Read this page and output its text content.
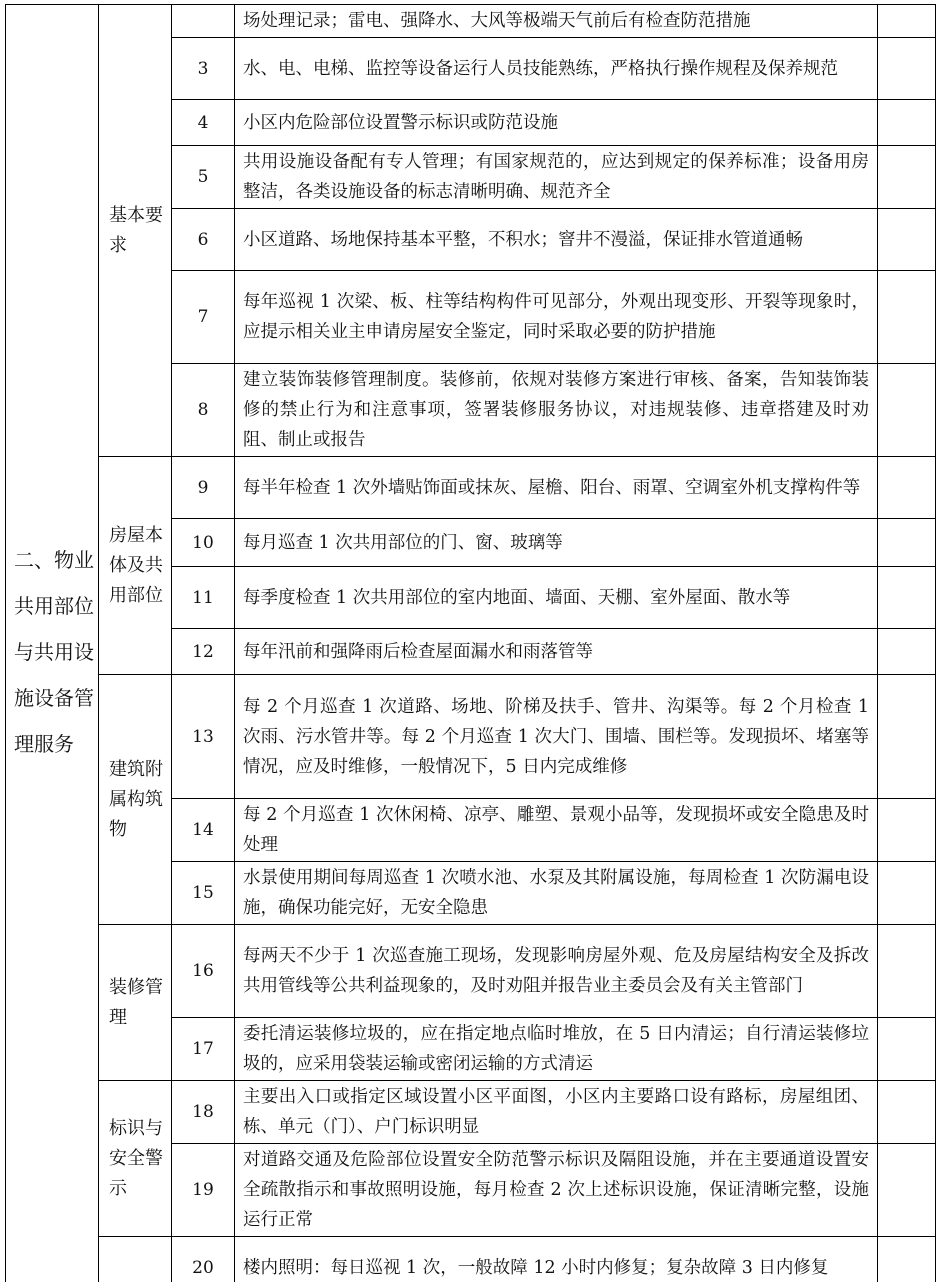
二、物业共用部位与共用设施设备管理服务	基本要求		场处理记录；雷电、强降水、大风等极端天气前后有检查防范措施	
		3	水、电、电梯、监控等设备运行人员技能熟练，严格执行操作规程及保养规范	
		4	小区内危险部位设置警示标识或防范设施	
		5	共用设施设备配有专人管理；有国家规范的，应达到规定的保养标准；设备用房整洁，各类设施设备的标志清晰明确、规范齐全	
		6	小区道路、场地保持基本平整，不积水；窨井不漫溢，保证排水管道通畅	
		7	每年巡视 1 次梁、板、柱等结构构件可见部分，外观出现变形、开裂等现象时，应提示相关业主申请房屋安全鉴定，同时采取必要的防护措施	
		8	建立装饰装修管理制度。装修前，依规对装修方案进行审核、备案，告知装饰装修的禁止行为和注意事项，签署装修服务协议，对违规装修、违章搭建及时劝阻、制止或报告	

	房屋本体及共用部位	9	每半年检查 1 次外墙贴饰面或抹灰、屋檐、阳台、雨罩、空调室外机支撑构件等	
		10	每月巡查 1 次共用部位的门、窗、玻璃等	
		11	每季度检查 1 次共用部位的室内地面、墙面、天棚、室外屋面、散水等	
		12	每年汛前和强降雨后检查屋面漏水和雨落管等	
	建筑附属构筑物	13	每 2 个月巡查 1 次道路、场地、阶梯及扶手、管井、沟渠等。每 2 个月检查 1 次雨、污水管井等。每 2 个月巡查 1 次大门、围墙、围栏等。发现损坏、堵塞等情况，应及时维修，一般情况下，5 日内完成维修	
		14	每 2 个月巡查 1 次休闲椅、凉亭、雕塑、景观小品等，发现损坏或安全隐患及时处理	
		15	水景使用期间每周巡查 1 次喷水池、水泵及其附属设施，每周检查 1 次防漏电设施，确保功能完好，无安全隐患	
	装修管理	16	每两天不少于 1 次巡查施工现场，发现影响房屋外观、危及房屋结构安全及拆改共用管线等公共利益现象的，及时劝阻并报告业主委员会及有关主管部门	
		17	委托清运装修垃圾的，应在指定地点临时堆放，在 5 日内清运；自行清运装修垃圾的，应采用袋装运输或密闭运输的方式清运	
	标识与安全警示	18	主要出入口或指定区域设置小区平面图，小区内主要路口设有路标，房屋组团、栋、单元（门）、户门标识明显	
		19	对道路交通及危险部位设置安全防范警示标识及隔阻设施，并在主要通道设置安全疏散指示和事故照明设施，每月检查 2 次上述标识设施，保证清晰完整，设施运行正常	
		20	楼内照明：每日巡视 1 次，一般故障 12 小时内修复；复杂故障 3 日内修复	
